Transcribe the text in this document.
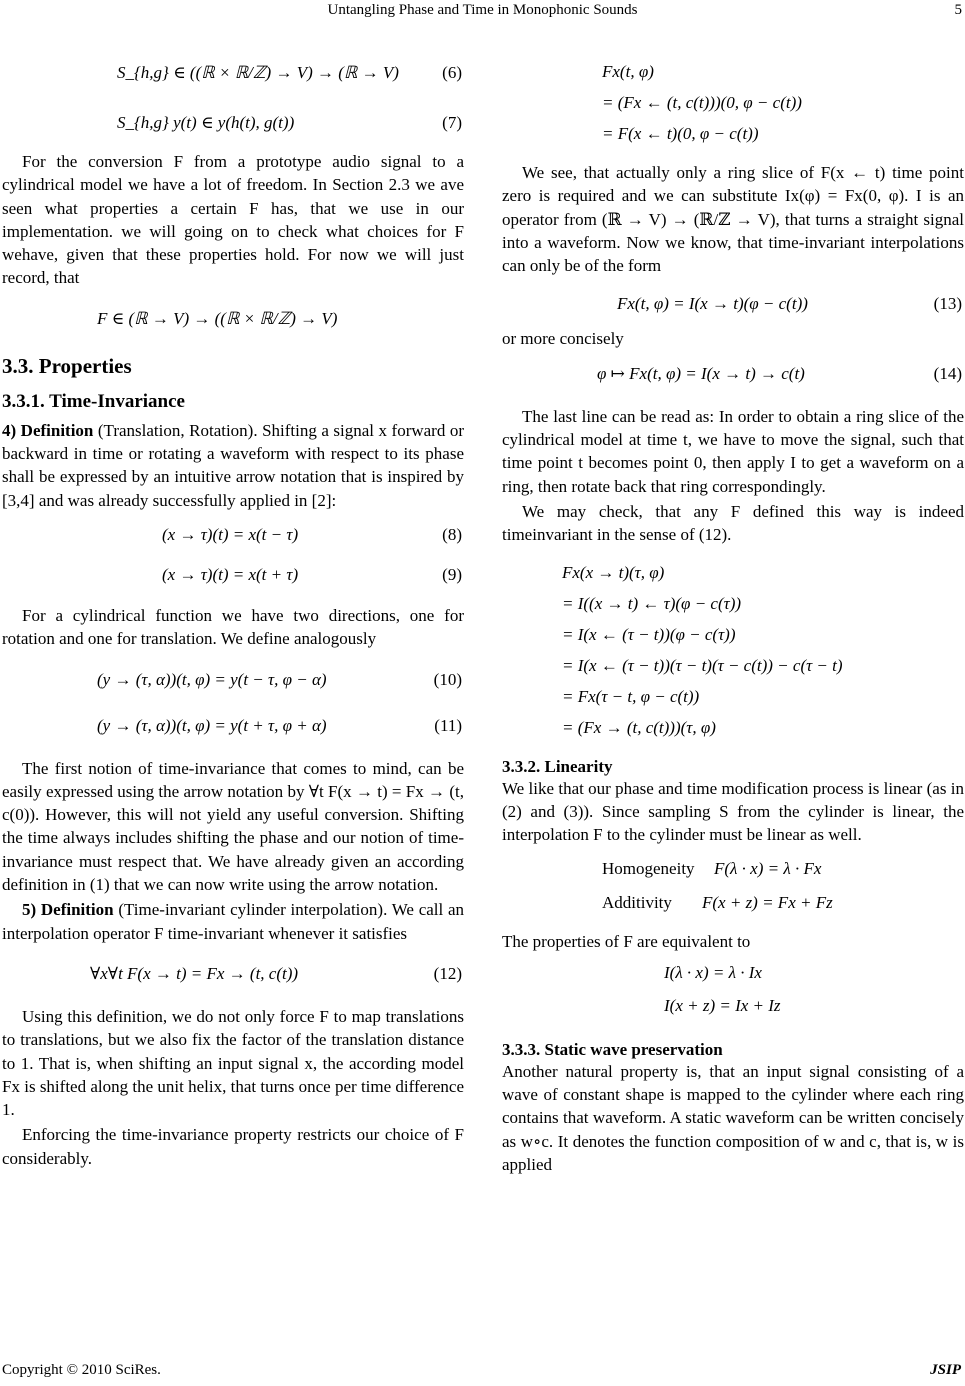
Untangling Phase and Time in Monophonic Sounds	5
S_{h,g} ∈ ((ℝ × ℝ/ℤ) → V) → (ℝ → V)	(6)
S_{h,g} y(t) ∈ y(h(t), g(t))	(7)

For the conversion F from a prototype audio signal to a cylindrical model we have a lot of freedom. In Section 2.3 we ave seen what properties a certain F has, that we use in our implementation. we will going on to check what choices for F wehave, given that these properties hold. For now we will just record, that

F ∈ (ℝ → V) → ((ℝ × ℝ/ℤ) → V)
3.3. Properties
3.3.1. Time-Invariance

4) Definition (Translation, Rotation). Shifting a signal x forward or backward in time or rotating a waveform with respect to its phase shall be expressed by an intuitive arrow notation that is inspired by [3,4] and was already successfully applied in [2]:

(x → τ)(t) = x(t − τ)	(8)
(x → τ)(t) = x(t + τ)	(9)

For a cylindrical function we have two directions, one for rotation and one for translation. We define analogously

(y → (τ, α))(t, φ) = y(t − τ, φ − α)	(10)
(y → (τ, α))(t, φ) = y(t + τ, φ + α)	(11)

The first notion of time-invariance that comes to mind, can be easily expressed using the arrow notation by ∀t F(x → t) = Fx → (t, c(0)). However, this will not yield any useful conversion. Shifting the time always includes shifting the phase and our notion of time-invariance must respect that. We have already given an according definition in (1) that we can now write using the arrow notation.

5) Definition (Time-invariant cylinder interpolation). We call an interpolation operator F time-invariant whenever it satisfies

∀x∀t F(x → t) = Fx → (t, c(t))	(12)

Using this definition, we do not only force F to map translations to translations, but we also fix the factor of the translation distance to 1. That is, when shifting an input signal x, the according model Fx is shifted along the unit helix, that turns once per time difference 1.

Enforcing the time-invariance property restricts our choice of F considerably.

Fx(t, φ)
= (Fx ← (t, c(t)))(0, φ − c(t))
= F(x ← t)(0, φ − c(t))

We see, that actually only a ring slice of F(x ← t) time point zero is required and we can substitute Ix(φ) = Fx(0, φ). I is an operator from (ℝ → V) → (ℝ/ℤ → V), that turns a straight signal into a waveform. Now we know, that time-invariant interpolations can only be of the form

Fx(t, φ) = I(x → t)(φ − c(t))	(13)

or more concisely

φ ↦ Fx(t, φ) = I(x → t) → c(t)	(14)

The last line can be read as: In order to obtain a ring slice of the cylindrical model at time t, we have to move the signal, such that time point t becomes point 0, then apply I to get a waveform on a ring, then rotate back that ring correspondingly.

We may check, that any F defined this way is indeed timeinvariant in the sense of (12).

Fx(x → t)(τ, φ)
= I((x → t) ← τ)(φ − c(τ))
= I(x ← (τ − t))(φ − c(τ))
= I(x ← (τ − t))(τ − t)(τ − c(t)) − c(τ − t)
= Fx(τ − t, φ − c(t))
= (Fx → (t, c(t)))(τ, φ)
3.3.2. Linearity

We like that our phase and time modification process is linear (as in (2) and (3)). Since sampling S from the cylinder is linear, the interpolation F to the cylinder must be linear as well.

Homogeneity F(λ · x) = λ · Fx
Additivity F(x + z) = Fx + Fz

The properties of F are equivalent to

I(λ · x) = λ · Ix
I(x + z) = Ix + Iz
3.3.3. Static wave preservation

Another natural property is, that an input signal consisting of a wave of constant shape is mapped to the cylinder where each ring contains that waveform. A static waveform can be written concisely as w∘c. It denotes the function composition of w and c, that is, w is applied

Copyright © 2010 SciRes.	JSIP
